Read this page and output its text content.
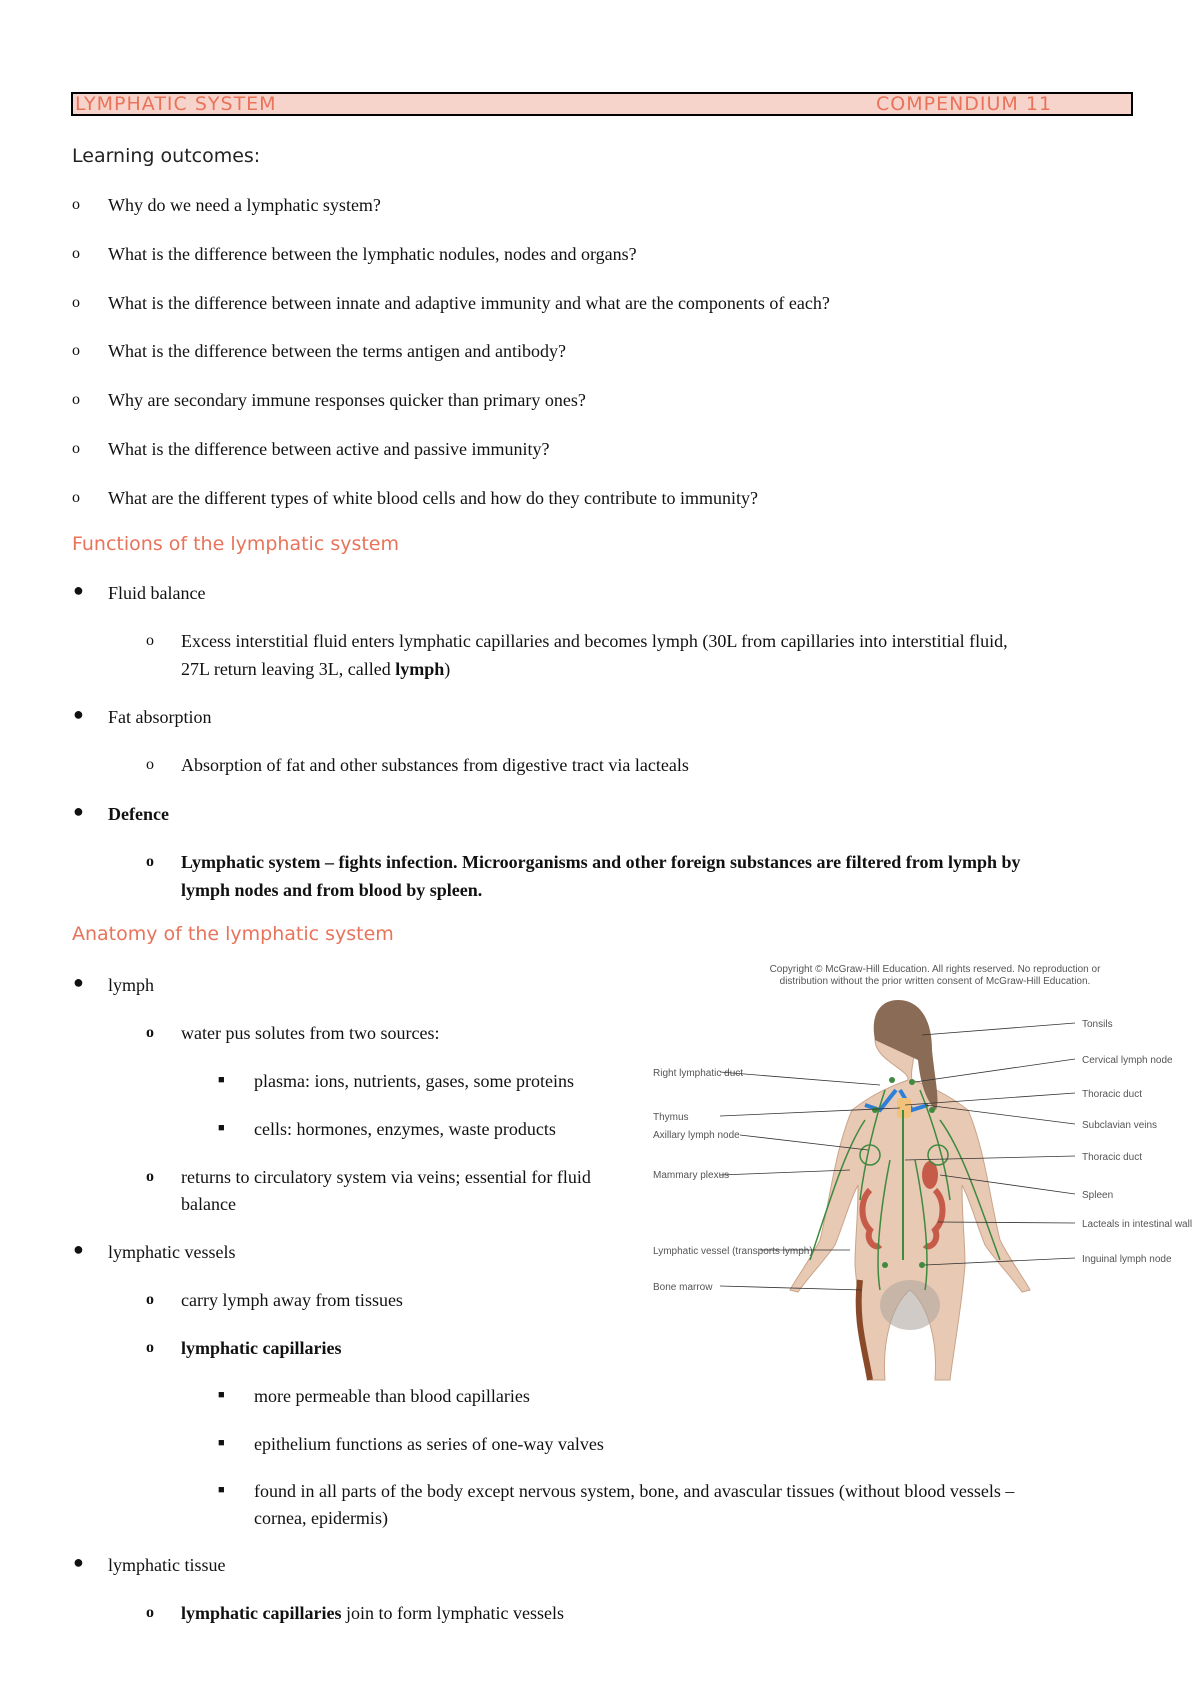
LYMPHATIC SYSTEM	COMPENDIUM 11
Learning outcomes:
o Why do we need a lymphatic system?
o What is the difference between the lymphatic nodules, nodes and organs?
o What is the difference between innate and adaptive immunity and what are the components of each?
o What is the difference between the terms antigen and antibody?
o Why are secondary immune responses quicker than primary ones?
o What is the difference between active and passive immunity?
o What are the different types of white blood cells and how do they contribute to immunity?
Functions of the lymphatic system
● Fluid balance
o Excess interstitial fluid enters lymphatic capillaries and becomes lymph (30L from capillaries into interstitial fluid,
27L return leaving 3L, called lymph)
● Fat absorption
o Absorption of fat and other substances from digestive tract via lacteals
● Defence
o Lymphatic system – fights infection. Microorganisms and other foreign substances are filtered from lymph by
lymph nodes and from blood by spleen.
Anatomy of the lymphatic system
● lymph
o water pus solutes from two sources:
■ plasma: ions, nutrients, gases, some proteins
■ cells: hormones, enzymes, waste products
o returns to circulatory system via veins; essential for fluid
balance
● lymphatic vessels
o carry lymph away from tissues
o lymphatic capillaries
■ more permeable than blood capillaries
■ epithelium functions as series of one-way valves
■ found in all parts of the body except nervous system, bone, and avascular tissues (without blood vessels –
cornea, epidermis)
● lymphatic tissue
o lymphatic capillaries join to form lymphatic vessels
Copyright © McGraw-Hill Education. All rights reserved. No reproduction or
distribution without the prior written consent of McGraw-Hill Education.
Right lymphatic duct
Thymus
Axillary lymph node
Mammary plexus
Lymphatic vessel (transports lymph)
Bone marrow
Tonsils
Cervical lymph node
Thoracic duct
Subclavian veins
Thoracic duct
Spleen
Lacteals in intestinal wall
Inguinal lymph node
